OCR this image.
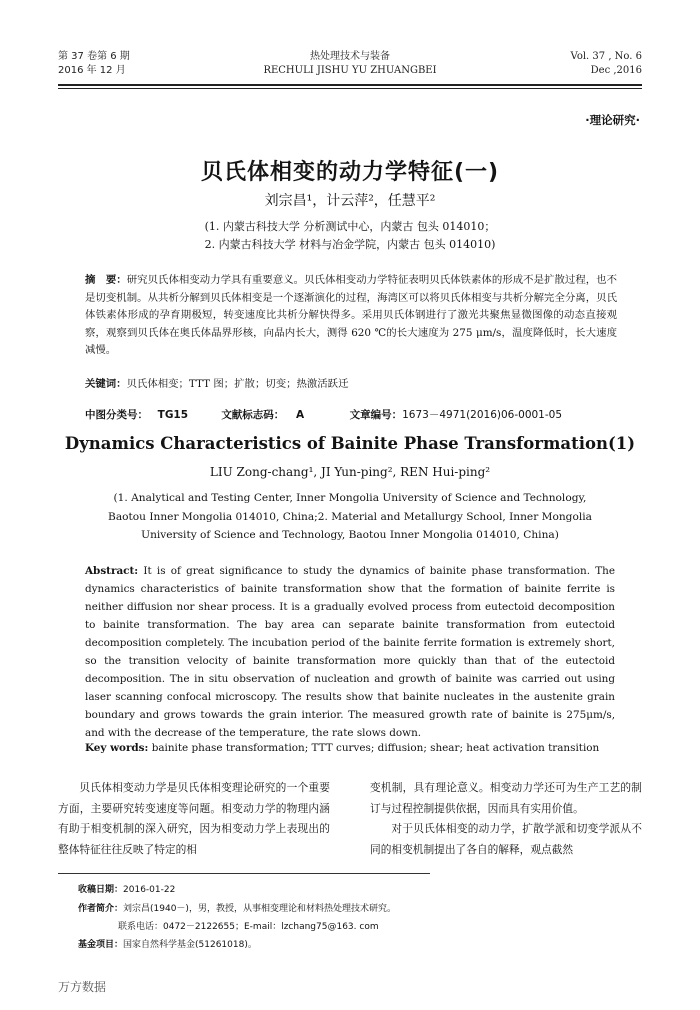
第 37 卷第 6 期
2016 年 12 月
热处理技术与装备
RECHULI JISHU YU ZHUANGBEI
Vol. 37 , No. 6
Dec ,2016
·理论研究·
贝氏体相变的动力学特征(一)
刘宗昌¹，计云萍²，任慧平²
(1. 内蒙古科技大学 分析测试中心，内蒙古 包头 014010；
2. 内蒙古科技大学 材料与冶金学院，内蒙古 包头 014010)
摘　要：研究贝氏体相变动力学具有重要意义。贝氏体相变动力学特征表明贝氏体铁素体的形成不是扩散过程，也不是切变机制。从共析分解到贝氏体相变是一个逐渐演化的过程，海湾区可以将贝氏体相变与共析分解完全分离，贝氏体铁素体形成的孕育期极短，转变速度比共析分解快得多。采用贝氏体钢进行了激光共聚焦显微图像的动态直接观察，观察到贝氏体在奥氏体晶界形核，向晶内长大，测得 620 ℃的长大速度为 275 μm/s，温度降低时，长大速度减慢。
关键词：贝氏体相变；TTT 图；扩散；切变；热激活跃迁
中图分类号： TG15	文献标志码： A	文章编号：1673－4971(2016)06-0001-05
Dynamics Characteristics of Bainite Phase Transformation(1)
LIU Zong-chang¹, JI Yun-ping², REN Hui-ping²
(1. Analytical and Testing Center, Inner Mongolia University of Science and Technology, Baotou Inner Mongolia 014010, China;2. Material and Metallurgy School, Inner Mongolia University of Science and Technology, Baotou Inner Mongolia 014010, China)
Abstract: It is of great significance to study the dynamics of bainite phase transformation. The dynamics characteristics of bainite transformation show that the formation of bainite ferrite is neither diffusion nor shear process. It is a gradually evolved process from eutectoid decomposition to bainite transformation. The bay area can separate bainite transformation from eutectoid decomposition completely. The incubation period of the bainite ferrite formation is extremely short, so the transition velocity of bainite transformation more quickly than that of the eutectoid decomposition. The in situ observation of nucleation and growth of bainite was carried out using laser scanning confocal microscopy. The results show that bainite nucleates in the austenite grain boundary and grows towards the grain interior. The measured growth rate of bainite is 275μm/s, and with the decrease of the temperature, the rate slows down.
Key words: bainite phase transformation; TTT curves; diffusion; shear; heat activation transition
贝氏体相变动力学是贝氏体相变理论研究的一个重要方面，主要研究转变速度等问题。相变动力学的物理内涵有助于相变机制的深入研究，因为相变动力学上表现出的整体特征往往反映了特定的相
变机制，具有理论意义。相变动力学还可为生产工艺的制订与过程控制提供依据，因而具有实用价值。
对于贝氏体相变的动力学，扩散学派和切变学派从不同的相变机制提出了各自的解释，观点截然
收稿日期：2016-01-22
作者简介：刘宗昌(1940－)，男，教授，从事相变理论和材料热处理技术研究。
联系电话：0472－2122655；E-mail：lzchang75@163. com
基金项目：国家自然科学基金(51261018)。
万方数据
